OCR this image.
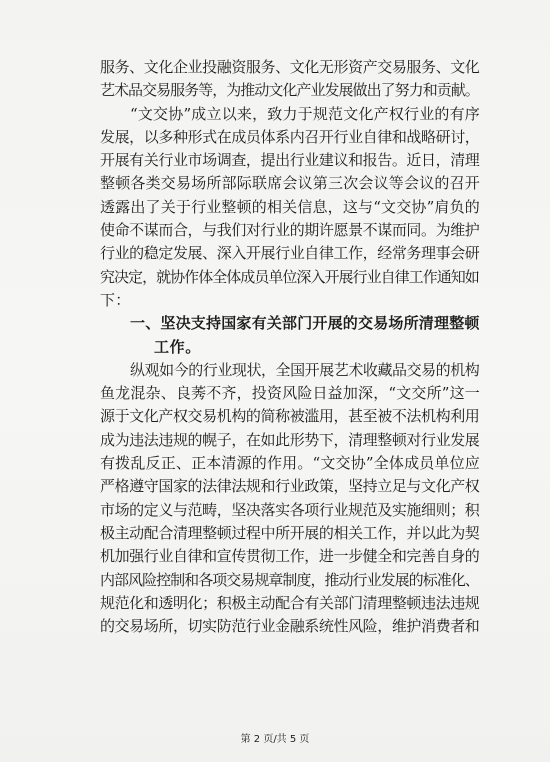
服务、文化企业投融资服务、文化无形资产交易服务、文化
艺术品交易服务等，为推动文化产业发展做出了努力和贡献。
“文交协”成立以来，致力于规范文化产权行业的有序
发展，以多种形式在成员体系内召开行业自律和战略研讨，
开展有关行业市场调查，提出行业建议和报告。近日，清理
整顿各类交易场所部际联席会议第三次会议等会议的召开
透露出了关于行业整顿的相关信息，这与“文交协”肩负的
使命不谋而合，与我们对行业的期许愿景不谋而同。为维护
行业的稳定发展、深入开展行业自律工作，经常务理事会研
究决定，就协作体全体成员单位深入开展行业自律工作通知如
下：
一、坚决支持国家有关部门开展的交易场所清理整顿
工作。
纵观如今的行业现状，全国开展艺术收藏品交易的机构
鱼龙混杂、良莠不齐，投资风险日益加深，“文交所”这一
源于文化产权交易机构的简称被滥用，甚至被不法机构利用
成为违法违规的幌子，在如此形势下，清理整顿对行业发展
有拨乱反正、正本清源的作用。“文交协”全体成员单位应
严格遵守国家的法律法规和行业政策，坚持立足与文化产权
市场的定义与范畴，坚决落实各项行业规范及实施细则；积
极主动配合清理整顿过程中所开展的相关工作，并以此为契
机加强行业自律和宣传贯彻工作，进一步健全和完善自身的
内部风险控制和各项交易规章制度，推动行业发展的标准化、
规范化和透明化；积极主动配合有关部门清理整顿违法违规
的交易场所，切实防范行业金融系统性风险，维护消费者和
第 2 页/共 5 页
